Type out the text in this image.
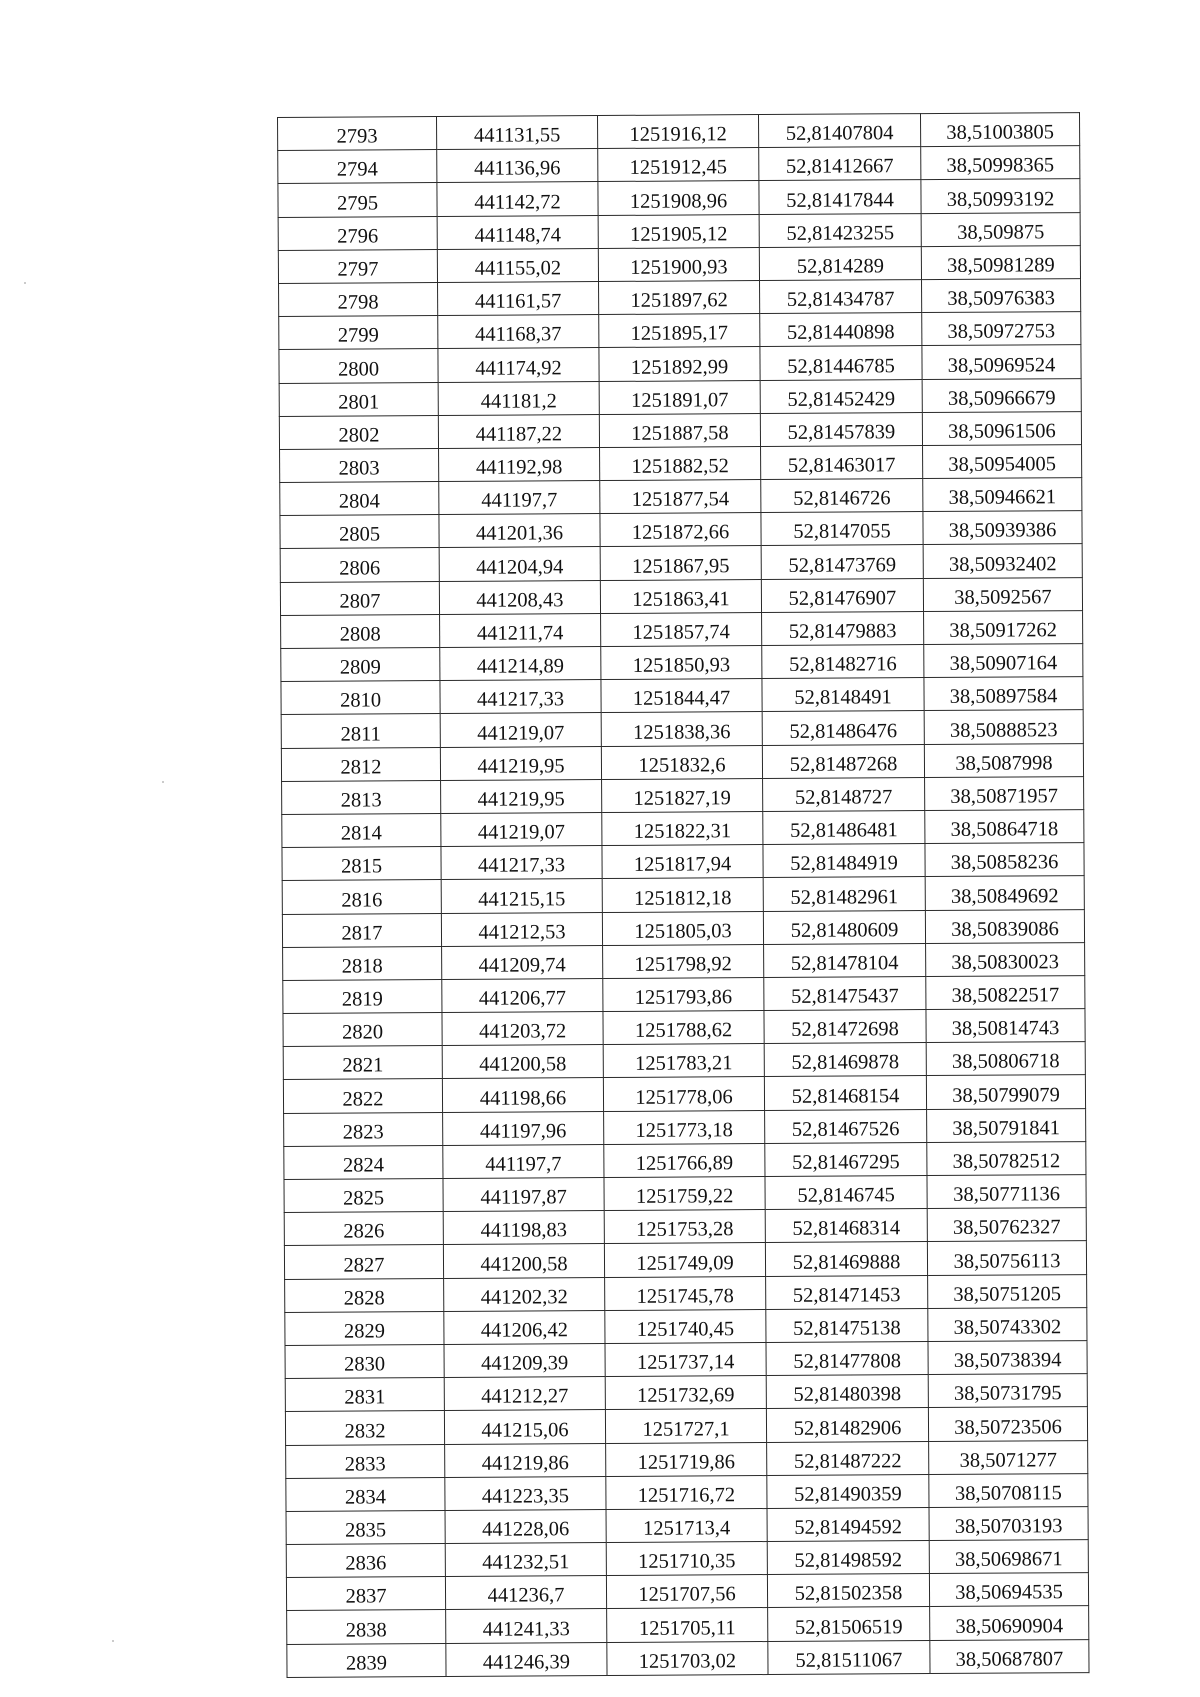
2793	441131,55	1251916,12	52,81407804	38,51003805
2794	441136,96	1251912,45	52,81412667	38,50998365
2795	441142,72	1251908,96	52,81417844	38,50993192
2796	441148,74	1251905,12	52,81423255	38,509875
2797	441155,02	1251900,93	52,814289	38,50981289
2798	441161,57	1251897,62	52,81434787	38,50976383
2799	441168,37	1251895,17	52,81440898	38,50972753
2800	441174,92	1251892,99	52,81446785	38,50969524
2801	441181,2	1251891,07	52,81452429	38,50966679
2802	441187,22	1251887,58	52,81457839	38,50961506
2803	441192,98	1251882,52	52,81463017	38,50954005
2804	441197,7	1251877,54	52,8146726	38,50946621
2805	441201,36	1251872,66	52,8147055	38,50939386
2806	441204,94	1251867,95	52,81473769	38,50932402
2807	441208,43	1251863,41	52,81476907	38,5092567
2808	441211,74	1251857,74	52,81479883	38,50917262
2809	441214,89	1251850,93	52,81482716	38,50907164
2810	441217,33	1251844,47	52,8148491	38,50897584
2811	441219,07	1251838,36	52,81486476	38,50888523
2812	441219,95	1251832,6	52,81487268	38,5087998
2813	441219,95	1251827,19	52,8148727	38,50871957
2814	441219,07	1251822,31	52,81486481	38,50864718
2815	441217,33	1251817,94	52,81484919	38,50858236
2816	441215,15	1251812,18	52,81482961	38,50849692
2817	441212,53	1251805,03	52,81480609	38,50839086
2818	441209,74	1251798,92	52,81478104	38,50830023
2819	441206,77	1251793,86	52,81475437	38,50822517
2820	441203,72	1251788,62	52,81472698	38,50814743
2821	441200,58	1251783,21	52,81469878	38,50806718
2822	441198,66	1251778,06	52,81468154	38,50799079
2823	441197,96	1251773,18	52,81467526	38,50791841
2824	441197,7	1251766,89	52,81467295	38,50782512
2825	441197,87	1251759,22	52,8146745	38,50771136
2826	441198,83	1251753,28	52,81468314	38,50762327
2827	441200,58	1251749,09	52,81469888	38,50756113
2828	441202,32	1251745,78	52,81471453	38,50751205
2829	441206,42	1251740,45	52,81475138	38,50743302
2830	441209,39	1251737,14	52,81477808	38,50738394
2831	441212,27	1251732,69	52,81480398	38,50731795
2832	441215,06	1251727,1	52,81482906	38,50723506
2833	441219,86	1251719,86	52,81487222	38,5071277
2834	441223,35	1251716,72	52,81490359	38,50708115
2835	441228,06	1251713,4	52,81494592	38,50703193
2836	441232,51	1251710,35	52,81498592	38,50698671
2837	441236,7	1251707,56	52,81502358	38,50694535
2838	441241,33	1251705,11	52,81506519	38,50690904
2839	441246,39	1251703,02	52,81511067	38,50687807
